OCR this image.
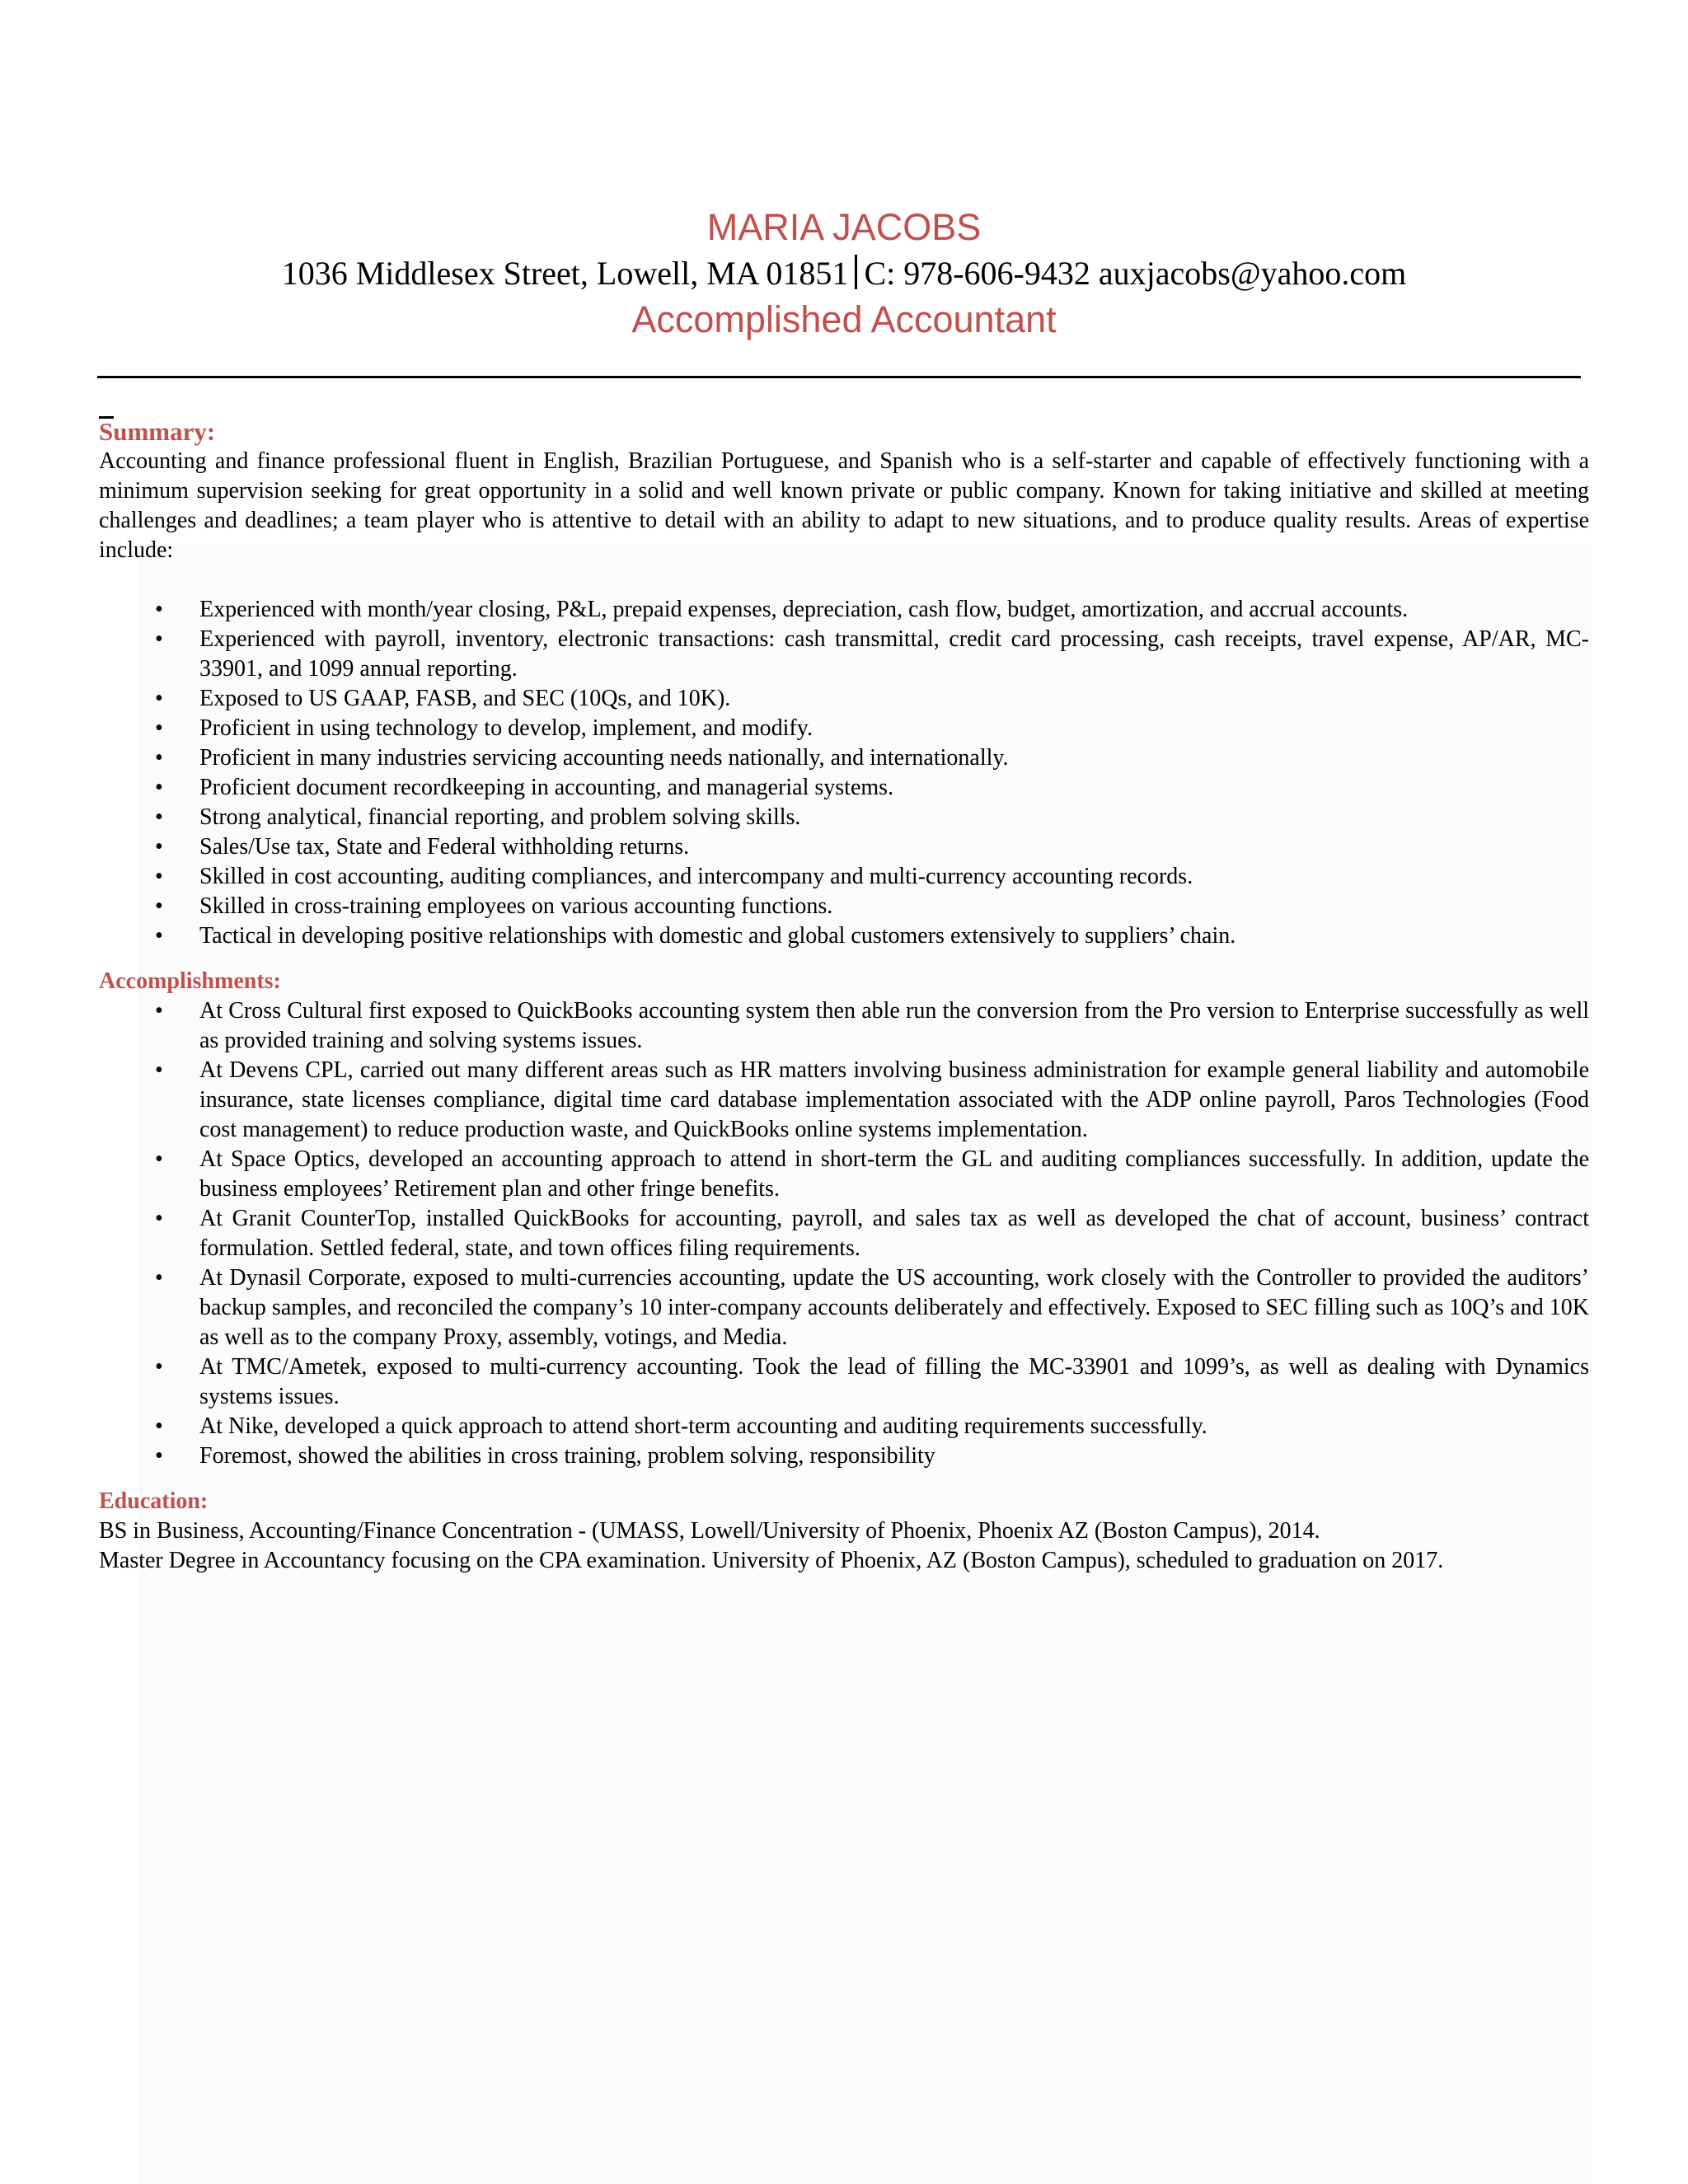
MARIA JACOBS

1036 Middlesex Street, Lowell, MA 01851 C: 978-606-9432 auxjacobs@yahoo.com

Accomplished Accountant

Summary:

Accounting and finance professional fluent in English, Brazilian Portuguese, and Spanish who is a self-starter and capable of effectively functioning with a minimum supervision seeking for great opportunity in a solid and well known private or public company. Known for taking initiative and skilled at meeting challenges and deadlines; a team player who is attentive to detail with an ability to adapt to new situations, and to produce quality results. Areas of expertise include:

• Experienced with month/year closing, P&L, prepaid expenses, depreciation, cash flow, budget, amortization, and accrual accounts.
• Experienced with payroll, inventory, electronic transactions: cash transmittal, credit card processing, cash receipts, travel expense, AP/AR, MC-33901, and 1099 annual reporting.
• Exposed to US GAAP, FASB, and SEC (10Qs, and 10K).
• Proficient in using technology to develop, implement, and modify.
• Proficient in many industries servicing accounting needs nationally, and internationally.
• Proficient document recordkeeping in accounting, and managerial systems.
• Strong analytical, financial reporting, and problem solving skills.
• Sales/Use tax, State and Federal withholding returns.
• Skilled in cost accounting, auditing compliances, and intercompany and multi-currency accounting records.
• Skilled in cross-training employees on various accounting functions.
• Tactical in developing positive relationships with domestic and global customers extensively to suppliers’ chain.

Accomplishments:

• At Cross Cultural first exposed to QuickBooks accounting system then able run the conversion from the Pro version to Enterprise successfully as well as provided training and solving systems issues.
• At Devens CPL, carried out many different areas such as HR matters involving business administration for example general liability and automobile insurance, state licenses compliance, digital time card database implementation associated with the ADP online payroll, Paros Technologies (Food cost management) to reduce production waste, and QuickBooks online systems implementation.
• At Space Optics, developed an accounting approach to attend in short-term the GL and auditing compliances successfully. In addition, update the business employees’ Retirement plan and other fringe benefits.
• At Granit CounterTop, installed QuickBooks for accounting, payroll, and sales tax as well as developed the chat of account, business’ contract formulation. Settled federal, state, and town offices filing requirements.
• At Dynasil Corporate, exposed to multi-currencies accounting, update the US accounting, work closely with the Controller to provided the auditors’ backup samples, and reconciled the company’s 10 inter-company accounts deliberately and effectively. Exposed to SEC filling such as 10Q’s and 10K as well as to the company Proxy, assembly, votings, and Media.
• At TMC/Ametek, exposed to multi-currency accounting. Took the lead of filling the MC-33901 and 1099’s, as well as dealing with Dynamics systems issues.
• At Nike, developed a quick approach to attend short-term accounting and auditing requirements successfully.
• Foremost, showed the abilities in cross training, problem solving, responsibility

Education:

BS in Business, Accounting/Finance Concentration - (UMASS, Lowell/University of Phoenix, Phoenix AZ (Boston Campus), 2014.

Master Degree in Accountancy focusing on the CPA examination. University of Phoenix, AZ (Boston Campus), scheduled to graduation on 2017.
